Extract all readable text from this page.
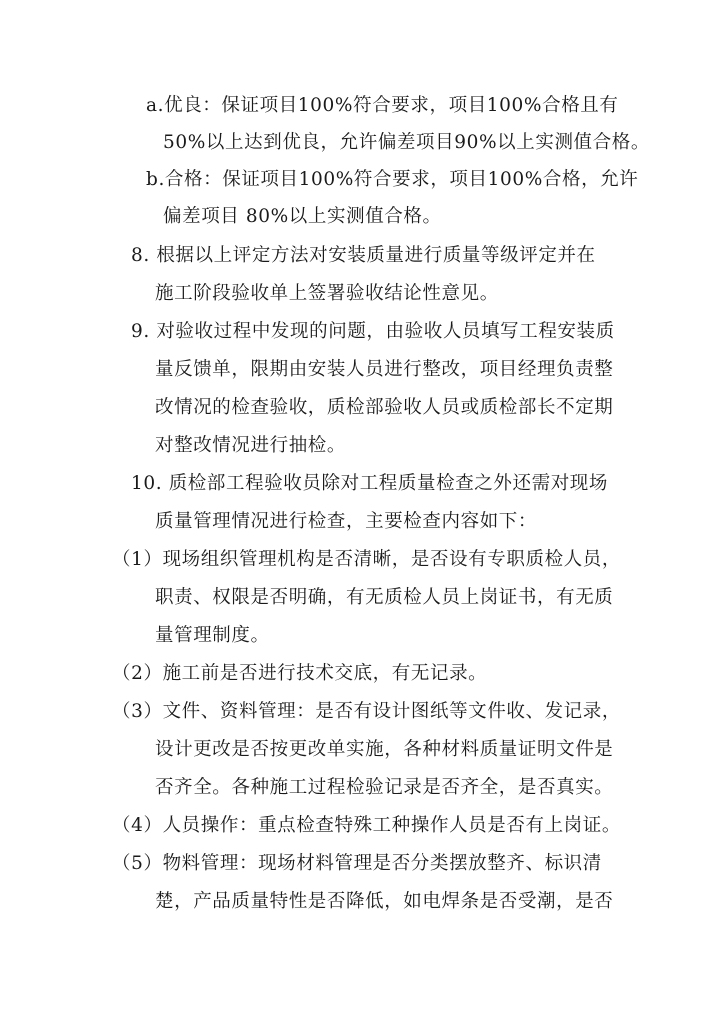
a.优良：保证项目100%符合要求，项目100%合格且有
50%以上达到优良，允许偏差项目90%以上实测值合格。
b.合格：保证项目100%符合要求，项目100%合格，允许
偏差项目 80%以上实测值合格。
8. 根据以上评定方法对安装质量进行质量等级评定并在
施工阶段验收单上签署验收结论性意见。
9. 对验收过程中发现的问题，由验收人员填写工程安装质
量反馈单，限期由安装人员进行整改，项目经理负责整
改情况的检查验收，质检部验收人员或质检部长不定期
对整改情况进行抽检。
10. 质检部工程验收员除对工程质量检查之外还需对现场
质量管理情况进行检查，主要检查内容如下：
（1）现场组织管理机构是否清晰，是否设有专职质检人员，
职责、权限是否明确，有无质检人员上岗证书，有无质
量管理制度。
（2）施工前是否进行技术交底，有无记录。
（3）文件、资料管理：是否有设计图纸等文件收、发记录，
设计更改是否按更改单实施，各种材料质量证明文件是
否齐全。各种施工过程检验记录是否齐全，是否真实。
（4）人员操作：重点检查特殊工种操作人员是否有上岗证。
（5）物料管理：现场材料管理是否分类摆放整齐、标识清
楚，产品质量特性是否降低，如电焊条是否受潮，是否
